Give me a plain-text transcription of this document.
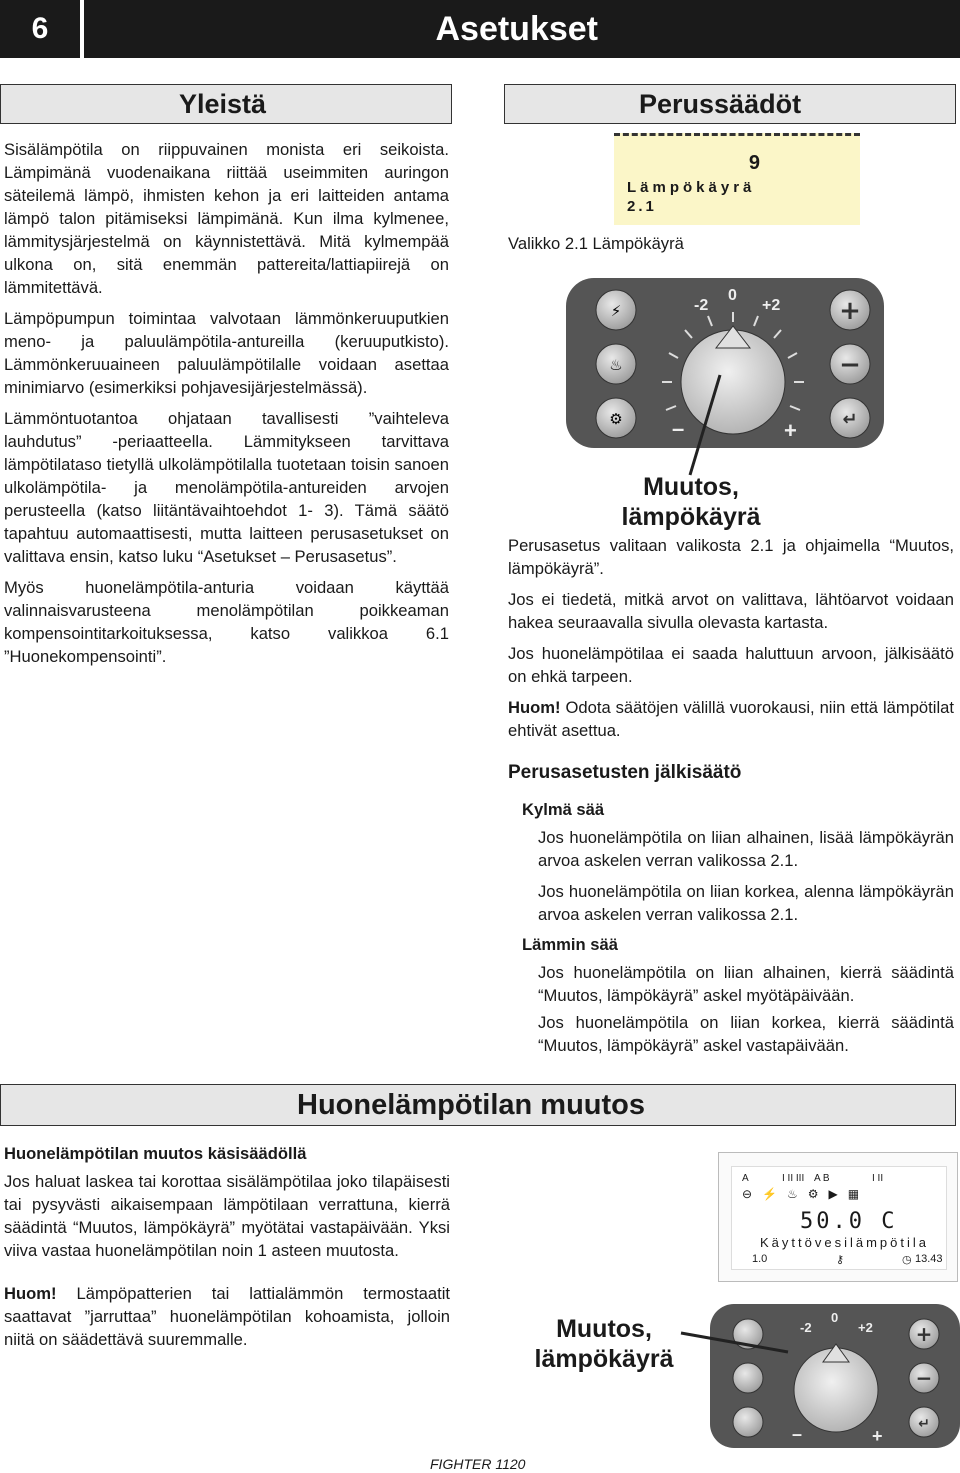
6	Asetukset
Yleistä

Sisälämpötila on riippuvainen monista eri seikoista. Lämpimänä vuodenaikana riittää useimmiten auringon säteilemä lämpö, ihmisten kehon ja eri laitteiden antama lämpö talon pitämiseksi lämpimänä. Kun ilma kylmenee, lämmitysjärjestelmä on käynnistettävä. Mitä kylmempää ulkona on, sitä enemmän pattereita/lattiapiirejä on lämmitettävä.

Lämpöpumpun toimintaa valvotaan lämmönkeruuputkien meno- ja paluulämpötila-antureilla (keruuputkisto). Lämmönkeruuaineen paluulämpötilalle voidaan asettaa minimiarvo (esimerkiksi pohjavesijärjestelmässä).

Lämmöntuotantoa ohjataan tavallisesti ”vaihteleva lauhdutus” -periaatteella. Lämmitykseen tarvittava lämpötilataso tietyllä ulkolämpötilalla tuotetaan toisin sanoen ulkolämpötila- ja menolämpötila-antureiden arvojen perusteella (katso liitäntävaihtoehdot 1- 3). Tämä säätö tapahtuu automaattisesti, mutta laitteen perusasetukset on valittava ensin, katso luku “Asetukset – Perusasetus”.

Myös huonelämpötila-anturia voidaan käyttää valinnaisvarusteena menolämpötilan poikkeaman kompensointitarkoituksessa, katso valikkoa 6.1 ”Huonekompensointi”.

Perussäädöt
9
Lämpökäyrä
2.1
Valikko 2.1 Lämpökäyrä
⚡
♨
⚙
+
−
↵
-2
0
+2
–	+
Muutos,
lämpökäyrä

Perusasetus valitaan valikosta 2.1 ja ohjaimella “Muutos, lämpökäyrä”.

Jos ei tiedetä, mitkä arvot on valittava, lähtöarvot voidaan hakea seuraavalla sivulla olevasta kartasta.

Jos huonelämpötilaa ei saada haluttuun arvoon, jälkisäätö on ehkä tarpeen.

Huom! Odota säätöjen välillä vuorokausi, niin että lämpötilat ehtivät asettua.

Perusasetusten jälkisäätö
Kylmä sää

Jos huonelämpötila on liian alhainen, lisää lämpökäyrän arvoa askelen verran valikossa 2.1.

Jos huonelämpötila on liian korkea, alenna lämpökäyrän arvoa askelen verran valikossa 2.1.

Lämmin sää

Jos huonelämpötila on liian alhainen, kierrä säädintä “Muutos, lämpökäyrä” askel myötäpäivään.

Jos huonelämpötila on liian korkea, kierrä säädintä “Muutos, lämpökäyrä” askel vastapäivään.

Huonelämpötilan muutos
Huonelämpötilan muutos käsisäädöllä

Jos haluat laskea tai korottaa sisälämpötilaa joko tilapäisesti tai pysyvästi aikaisempaan lämpötilaan verrattuna, kierrä säädintä “Muutos, lämpökäyrä” myötätai vastapäivään. Yksi viiva vastaa huonelämpötilan noin 1 asteen muutosta.

Huom! Lämpöpatterien tai lattialämmön termostaatit saattavat ”jarruttaa” huonelämpötilan kohoamista, jolloin niitä on säädettävä suuremmalle.

A	I II III A B	I II
⊖   ⚡   ♨   ⚙   ▶   ▦
50.0 C
Käyttövesilämpötila
1.0	⚷	◷ 13.43
+
−
↵
-2
0
+2
–	+
Muutos,
lämpökäyrä
FIGHTER 1120
